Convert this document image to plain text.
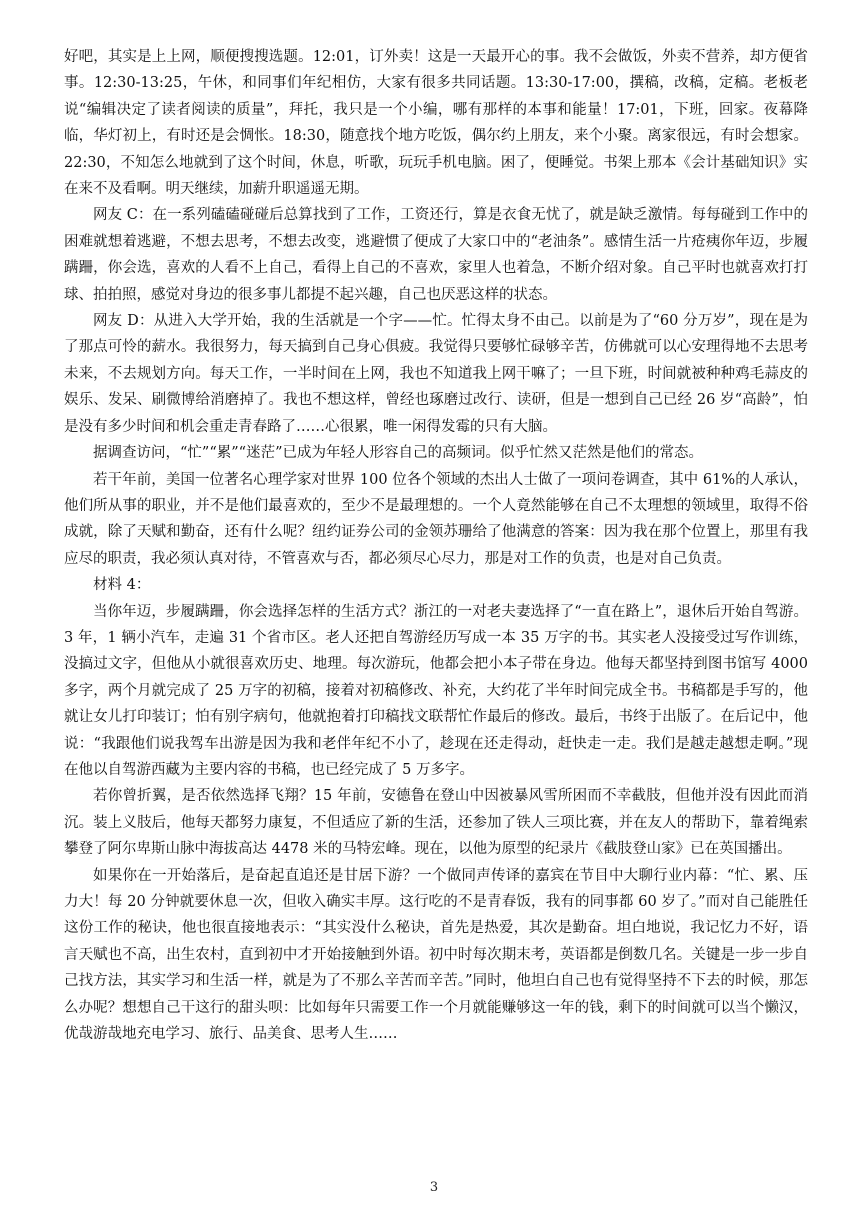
好吧，其实是上上网，顺便搜搜选题。12:01，订外卖！这是一天最开心的事。我不会做饭，外卖不营养，却方便省事。12:30-13:25，午休，和同事们年纪相仿，大家有很多共同话题。13:30-17:00，撰稿，改稿，定稿。老板老说“编辑决定了读者阅读的质量”，拜托，我只是一个小编，哪有那样的本事和能量！17:01，下班，回家。夜幕降临，华灯初上，有时还是会惆怅。18:30，随意找个地方吃饭，偶尔约上朋友，来个小聚。离家很远，有时会想家。22:30，不知怎么地就到了这个时间，休息，听歌，玩玩手机电脑。困了，便睡觉。书架上那本《会计基础知识》实在来不及看啊。明天继续，加薪升职遥遥无期。

网友 C：在一系列磕磕碰碰后总算找到了工作，工资还行，算是衣食无忧了，就是缺乏激情。每每碰到工作中的困难就想着逃避，不想去思考，不想去改变，逃避惯了便成了大家口中的“老油条”。感情生活一片疮痍你年迈，步履蹒跚，你会选，喜欢的人看不上自己，看得上自己的不喜欢，家里人也着急，不断介绍对象。自己平时也就喜欢打打球、拍拍照，感觉对身边的很多事儿都提不起兴趣，自己也厌恶这样的状态。

网友 D：从进入大学开始，我的生活就是一个字——忙。忙得太身不由己。以前是为了“60 分万岁”，现在是为了那点可怜的薪水。我很努力，每天搞到自己身心俱疲。我觉得只要够忙碌够辛苦，仿佛就可以心安理得地不去思考未来，不去规划方向。每天工作，一半时间在上网，我也不知道我上网干嘛了；一旦下班，时间就被种种鸡毛蒜皮的娱乐、发呆、刷微博给消磨掉了。我也不想这样，曾经也琢磨过改行、读研，但是一想到自己已经 26 岁“高龄”，怕是没有多少时间和机会重走青春路了……心很累，唯一闲得发霉的只有大脑。

据调查访问，“忙”“累”“迷茫”已成为年轻人形容自己的高频词。似乎忙然又茫然是他们的常态。

若干年前，美国一位著名心理学家对世界 100 位各个领域的杰出人士做了一项问卷调查，其中 61%的人承认，他们所从事的职业，并不是他们最喜欢的，至少不是最理想的。一个人竟然能够在自己不太理想的领域里，取得不俗成就，除了天赋和勤奋，还有什么呢？纽约证券公司的金领苏珊给了他满意的答案：因为我在那个位置上，那里有我应尽的职责，我必须认真对待，不管喜欢与否，都必须尽心尽力，那是对工作的负责，也是对自己负责。

材料 4：

当你年迈，步履蹒跚，你会选择怎样的生活方式？浙江的一对老夫妻选择了“一直在路上”，退休后开始自驾游。3 年，1 辆小汽车，走遍 31 个省市区。老人还把自驾游经历写成一本 35 万字的书。其实老人没接受过写作训练，没搞过文字，但他从小就很喜欢历史、地理。每次游玩，他都会把小本子带在身边。他每天都坚持到图书馆写 4000 多字，两个月就完成了 25 万字的初稿，接着对初稿修改、补充，大约花了半年时间完成全书。书稿都是手写的，他就让女儿打印装订；怕有别字病句，他就抱着打印稿找文联帮忙作最后的修改。最后，书终于出版了。在后记中，他说：“我跟他们说我驾车出游是因为我和老伴年纪不小了，趁现在还走得动，赶快走一走。我们是越走越想走啊。”现在他以自驾游西藏为主要内容的书稿，也已经完成了 5 万多字。

若你曾折翼，是否依然选择飞翔？15 年前，安德鲁在登山中因被暴风雪所困而不幸截肢，但他并没有因此而消沉。装上义肢后，他每天都努力康复，不但适应了新的生活，还参加了铁人三项比赛，并在友人的帮助下，靠着绳索攀登了阿尔卑斯山脉中海拔高达 4478 米的马特宏峰。现在，以他为原型的纪录片《截肢登山家》已在英国播出。

如果你在一开始落后，是奋起直追还是甘居下游？一个做同声传译的嘉宾在节目中大聊行业内幕：“忙、累、压力大！每 20 分钟就要休息一次，但收入确实丰厚。这行吃的不是青春饭，我有的同事都 60 岁了。”而对自己能胜任这份工作的秘诀，他也很直接地表示：“其实没什么秘诀，首先是热爱，其次是勤奋。坦白地说，我记忆力不好，语言天赋也不高，出生农村，直到初中才开始接触到外语。初中时每次期末考，英语都是倒数几名。关键是一步一步自己找方法，其实学习和生活一样，就是为了不那么辛苦而辛苦。”同时，他坦白自己也有觉得坚持不下去的时候，那怎么办呢？想想自己干这行的甜头呗：比如每年只需要工作一个月就能赚够这一年的钱，剩下的时间就可以当个懒汉，优哉游哉地充电学习、旅行、品美食、思考人生……

3
